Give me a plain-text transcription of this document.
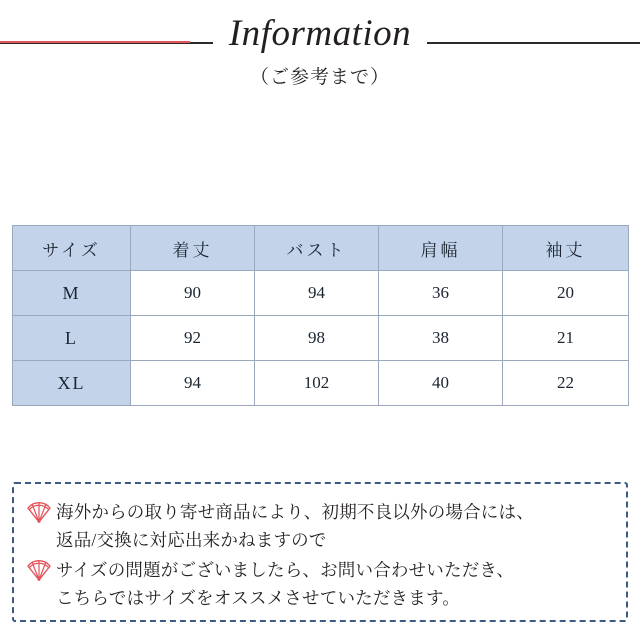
Information
（ご参考まで）
サイズ	着丈	バスト	肩幅	袖丈
M	90	94	36	20
L	92	98	38	21
XL	94	102	40	22
海外からの取り寄せ商品により、初期不良以外の場合には、
返品/交換に対応出来かねますので
サイズの問題がございましたら、お問い合わせいただき、
こちらではサイズをオススメさせていただきます。
